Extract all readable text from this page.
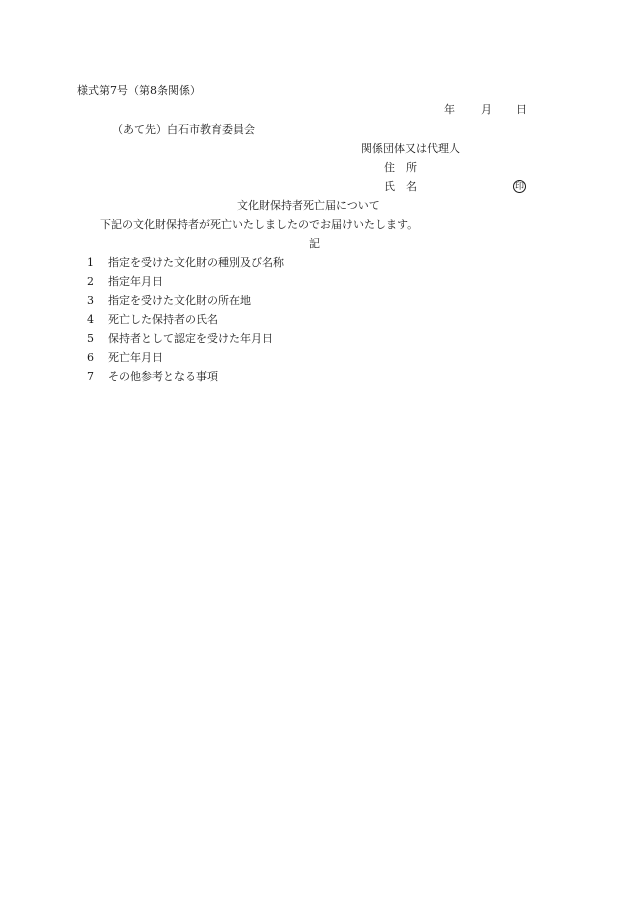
様式第7号（第8条関係）
年 月 日
（あて先）白石市教育委員会
関係団体又は代理人
住　所
氏　名	印
文化財保持者死亡届について
下記の文化財保持者が死亡いたしましたのでお届けいたします。
記
1 指定を受けた文化財の種別及び名称
2 指定年月日
3 指定を受けた文化財の所在地
4 死亡した保持者の氏名
5 保持者として認定を受けた年月日
6 死亡年月日
7 その他参考となる事項
